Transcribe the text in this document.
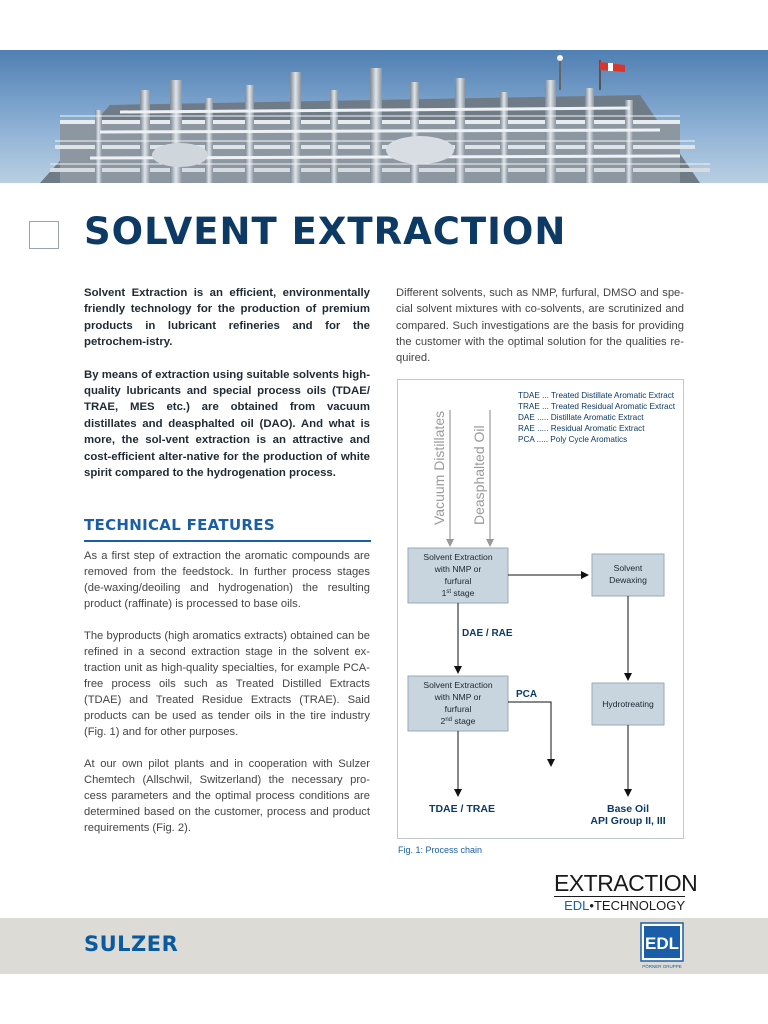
SOLVENT EXTRACTION

Solvent Extraction is an efficient, environmentally friendly technology for the production of premium products in lubricant refineries and for the petrochem-istry.

By means of extraction using suitable solvents high-quality lubricants and special process oils (TDAE/ TRAE, MES etc.) are obtained from vacuum distillates and deasphalted oil (DAO). And what is more, the sol-vent extraction is an attractive and cost-efficient alter-native for the production of white spirit compared to the hydrogenation process.

TECHNICAL FEATURES

As a first step of extraction the aromatic compounds are removed from the feedstock. In further process stages (de-waxing/deoiling and hydrogenation) the resulting product (raffinate) is processed to base oils.

The byproducts (high aromatics extracts) obtained can be refined in a second extraction stage in the solvent ex-traction unit as high-quality specialties, for example PCA-free process oils such as Treated Distilled Extracts (TDAE) and Treated Residue Extracts (TRAE). Said products can be used as tender oils in the tire industry (Fig. 1) and for other purposes.

At our own pilot plants and in cooperation with Sulzer Chemtech (Allschwil, Switzerland) the necessary pro-cess parameters and the optimal process conditions are determined based on the customer, process and product requirements (Fig. 2).

Different solvents, such as NMP, furfural, DMSO and spe-cial solvent mixtures with co-solvents, are scrutinized and compared. Such investigations are the basis for providing the customer with the optimal solution for the qualities re-quired.

TDAE ... Treated Distillate Aromatic Extract
TRAE ... Treated Residual Aromatic Extract
DAE ..... Distillate Aromatic Extract
RAE ..... Residual Aromatic Extract
PCA ..... Poly Cycle Aromatics
Vacuum Distillates Deasphalted Oil
Solvent Extraction
with NMP or
furfural
1st stage
Solvent
Dewaxing
DAE / RAE
Solvent Extraction
with NMP or
furfural
2nd stage
Hydrotreating
PCA
TDAE / TRAE	Base Oil
API Group II, III
Fig. 1: Process chain
EXTRACTION
EDL•TECHNOLOGY
SULZER	EDL
PÖRNER GRUPPE
